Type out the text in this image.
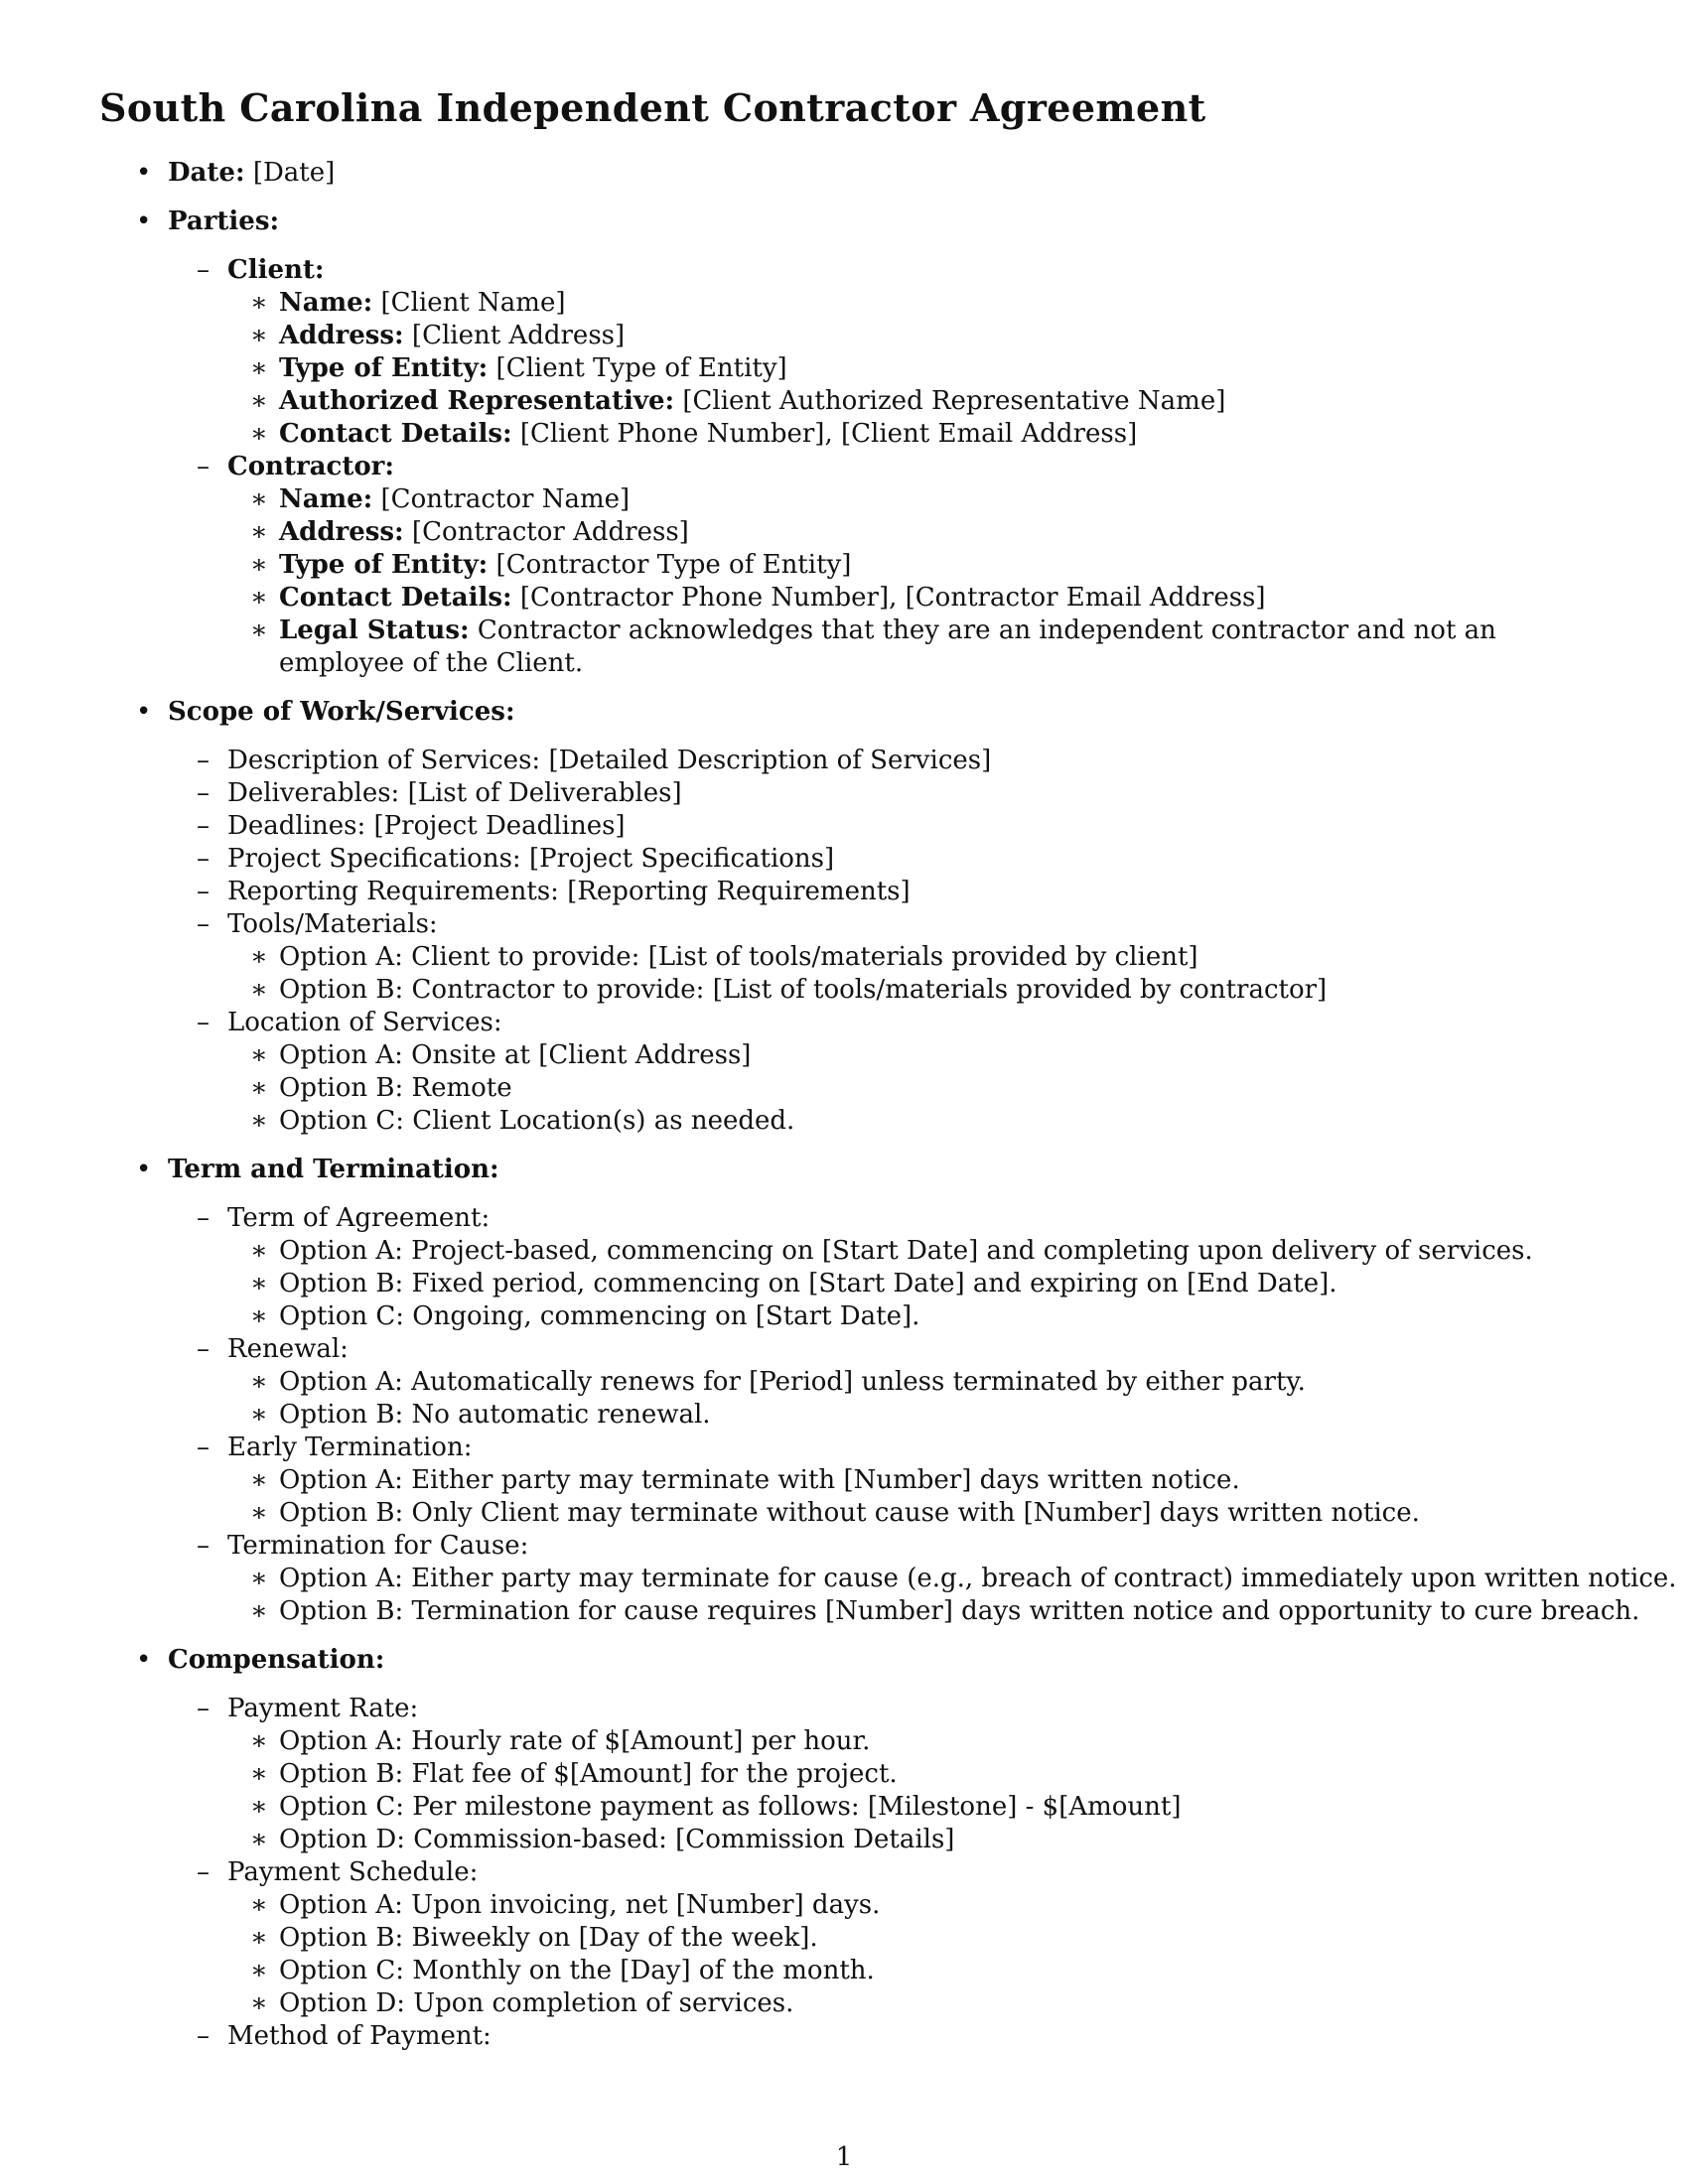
South Carolina Independent Contractor Agreement
• Date: [Date]
• Parties:
– Client:
∗ Name: [Client Name]
∗ Address: [Client Address]
∗ Type of Entity: [Client Type of Entity]
∗ Authorized Representative: [Client Authorized Representative Name]
∗ Contact Details: [Client Phone Number], [Client Email Address]
– Contractor:
∗ Name: [Contractor Name]
∗ Address: [Contractor Address]
∗ Type of Entity: [Contractor Type of Entity]
∗ Contact Details: [Contractor Phone Number], [Contractor Email Address]
∗ Legal Status: Contractor acknowledges that they are an independent contractor and not an employee of the Client.
• Scope of Work/Services:
– Description of Services: [Detailed Description of Services]
– Deliverables: [List of Deliverables]
– Deadlines: [Project Deadlines]
– Project Specifications: [Project Specifications]
– Reporting Requirements: [Reporting Requirements]
– Tools/Materials:
∗ Option A: Client to provide: [List of tools/materials provided by client]
∗ Option B: Contractor to provide: [List of tools/materials provided by contractor]
– Location of Services:
∗ Option A: Onsite at [Client Address]
∗ Option B: Remote
∗ Option C: Client Location(s) as needed.
• Term and Termination:
– Term of Agreement:
∗ Option A: Project-based, commencing on [Start Date] and completing upon delivery of services.
∗ Option B: Fixed period, commencing on [Start Date] and expiring on [End Date].
∗ Option C: Ongoing, commencing on [Start Date].
– Renewal:
∗ Option A: Automatically renews for [Period] unless terminated by either party.
∗ Option B: No automatic renewal.
– Early Termination:
∗ Option A: Either party may terminate with [Number] days written notice.
∗ Option B: Only Client may terminate without cause with [Number] days written notice.
– Termination for Cause:
∗ Option A: Either party may terminate for cause (e.g., breach of contract) immediately upon written notice.
∗ Option B: Termination for cause requires [Number] days written notice and opportunity to cure breach.
• Compensation:
– Payment Rate:
∗ Option A: Hourly rate of $[Amount] per hour.
∗ Option B: Flat fee of $[Amount] for the project.
∗ Option C: Per milestone payment as follows: [Milestone] - $[Amount]
∗ Option D: Commission-based: [Commission Details]
– Payment Schedule:
∗ Option A: Upon invoicing, net [Number] days.
∗ Option B: Biweekly on [Day of the week].
∗ Option C: Monthly on the [Day] of the month.
∗ Option D: Upon completion of services.
– Method of Payment:
1
